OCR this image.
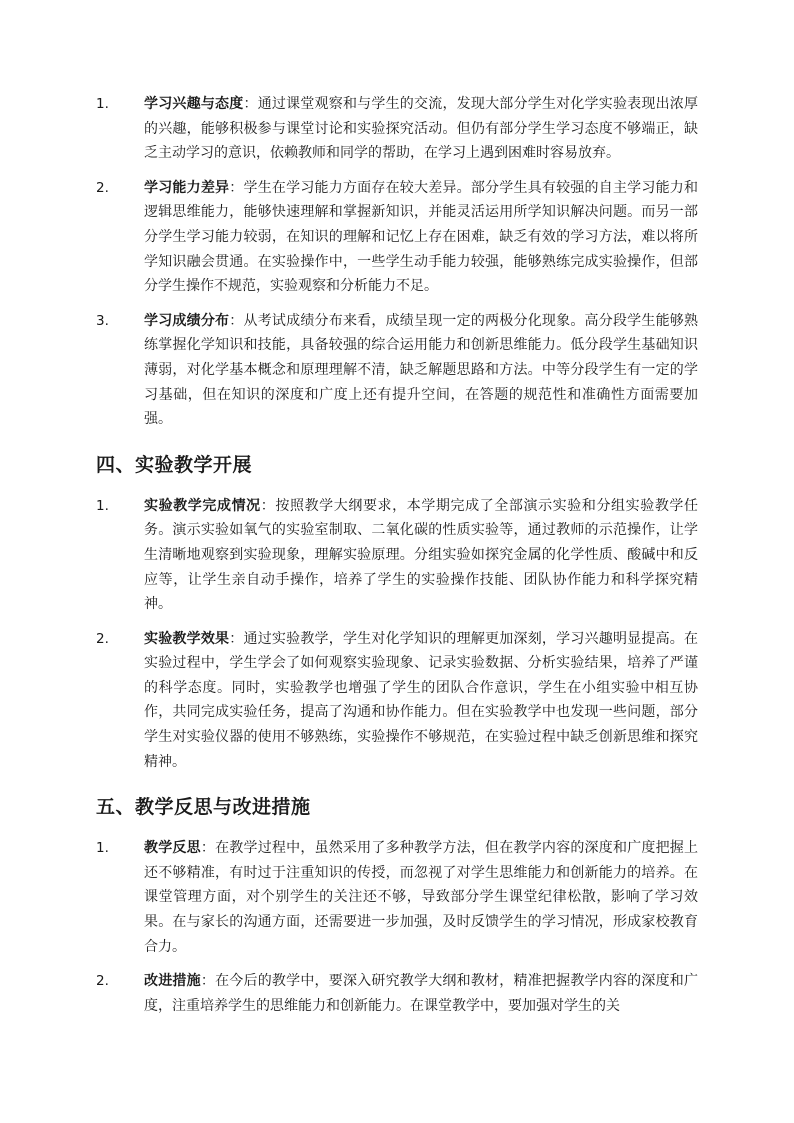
1.	学习兴趣与态度：通过课堂观察和与学生的交流，发现大部分学生对化学实验表现出浓厚的兴趣，能够积极参与课堂讨论和实验探究活动。但仍有部分学生学习态度不够端正，缺乏主动学习的意识，依赖教师和同学的帮助，在学习上遇到困难时容易放弃。
2.	学习能力差异：学生在学习能力方面存在较大差异。部分学生具有较强的自主学习能力和逻辑思维能力，能够快速理解和掌握新知识，并能灵活运用所学知识解决问题。而另一部分学生学习能力较弱，在知识的理解和记忆上存在困难，缺乏有效的学习方法，难以将所学知识融会贯通。在实验操作中，一些学生动手能力较强，能够熟练完成实验操作，但部分学生操作不规范，实验观察和分析能力不足。
3.	学习成绩分布：从考试成绩分布来看，成绩呈现一定的两极分化现象。高分段学生能够熟练掌握化学知识和技能，具备较强的综合运用能力和创新思维能力。低分段学生基础知识薄弱，对化学基本概念和原理理解不清，缺乏解题思路和方法。中等分段学生有一定的学习基础，但在知识的深度和广度上还有提升空间，在答题的规范性和准确性方面需要加强。
四、实验教学开展
1.	实验教学完成情况：按照教学大纲要求，本学期完成了全部演示实验和分组实验教学任务。演示实验如氧气的实验室制取、二氧化碳的性质实验等，通过教师的示范操作，让学生清晰地观察到实验现象，理解实验原理。分组实验如探究金属的化学性质、酸碱中和反应等，让学生亲自动手操作，培养了学生的实验操作技能、团队协作能力和科学探究精神。
2.	实验教学效果：通过实验教学，学生对化学知识的理解更加深刻，学习兴趣明显提高。在实验过程中，学生学会了如何观察实验现象、记录实验数据、分析实验结果，培养了严谨的科学态度。同时，实验教学也增强了学生的团队合作意识，学生在小组实验中相互协作，共同完成实验任务，提高了沟通和协作能力。但在实验教学中也发现一些问题，部分学生对实验仪器的使用不够熟练，实验操作不够规范，在实验过程中缺乏创新思维和探究精神。
五、教学反思与改进措施
1.	教学反思：在教学过程中，虽然采用了多种教学方法，但在教学内容的深度和广度把握上还不够精准，有时过于注重知识的传授，而忽视了对学生思维能力和创新能力的培养。在课堂管理方面，对个别学生的关注还不够，导致部分学生课堂纪律松散，影响了学习效果。在与家长的沟通方面，还需要进一步加强，及时反馈学生的学习情况，形成家校教育合力。
2.	改进措施：在今后的教学中，要深入研究教学大纲和教材，精准把握教学内容的深度和广度，注重培养学生的思维能力和创新能力。在课堂教学中，要加强对学生的关
